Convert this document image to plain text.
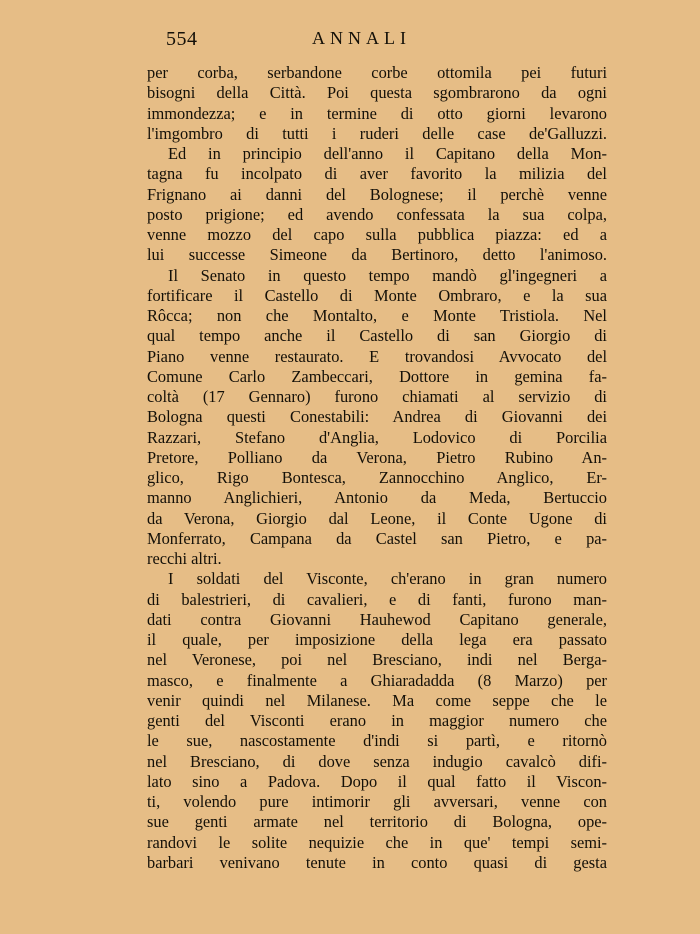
554	ANNALI
per corba, serbandone corbe ottomila pei futuri
bisogni della Città. Poi questa sgombrarono da ogni
immondezza; e in termine di otto giorni levarono
l'imgombro di tutti i ruderi delle case de'Galluzzi.
Ed in principio dell'anno il Capitano della Mon-
tagna fu incolpato di aver favorito la milizia del
Frignano ai danni del Bolognese; il perchè venne
posto prigione; ed avendo confessata la sua colpa,
venne mozzo del capo sulla pubblica piazza: ed a
lui successe Simeone da Bertinoro, detto l'animoso.
Il Senato in questo tempo mandò gl'ingegneri a
fortificare il Castello di Monte Ombraro, e la sua
Rôcca; non che Montalto, e Monte Tristiola. Nel
qual tempo anche il Castello di san Giorgio di
Piano venne restaurato. E trovandosi Avvocato del
Comune Carlo Zambeccari, Dottore in gemina fa-
coltà (17 Gennaro) furono chiamati al servizio di
Bologna questi Conestabili: Andrea di Giovanni dei
Razzari, Stefano d'Anglia, Lodovico di Porcilia
Pretore, Polliano da Verona, Pietro Rubino An-
glico, Rigo Bontesca, Zannocchino Anglico, Er-
manno Anglichieri, Antonio da Meda, Bertuccio
da Verona, Giorgio dal Leone, il Conte Ugone di
Monferrato, Campana da Castel san Pietro, e pa-
recchi altri.
I soldati del Visconte, ch'erano in gran numero
di balestrieri, di cavalieri, e di fanti, furono man-
dati contra Giovanni Hauhewod Capitano generale,
il quale, per imposizione della lega era passato
nel Veronese, poi nel Bresciano, indi nel Berga-
masco, e finalmente a Ghiaradadda (8 Marzo) per
venir quindi nel Milanese. Ma come seppe che le
genti del Visconti erano in maggior numero che
le sue, nascostamente d'indi si partì, e ritornò
nel Bresciano, di dove senza indugio cavalcò difi-
lato sino a Padova. Dopo il qual fatto il Viscon-
ti, volendo pure intimorir gli avversari, venne con
sue genti armate nel territorio di Bologna, ope-
randovi le solite nequizie che in que' tempi semi-
barbari venivano tenute in conto quasi di gesta
